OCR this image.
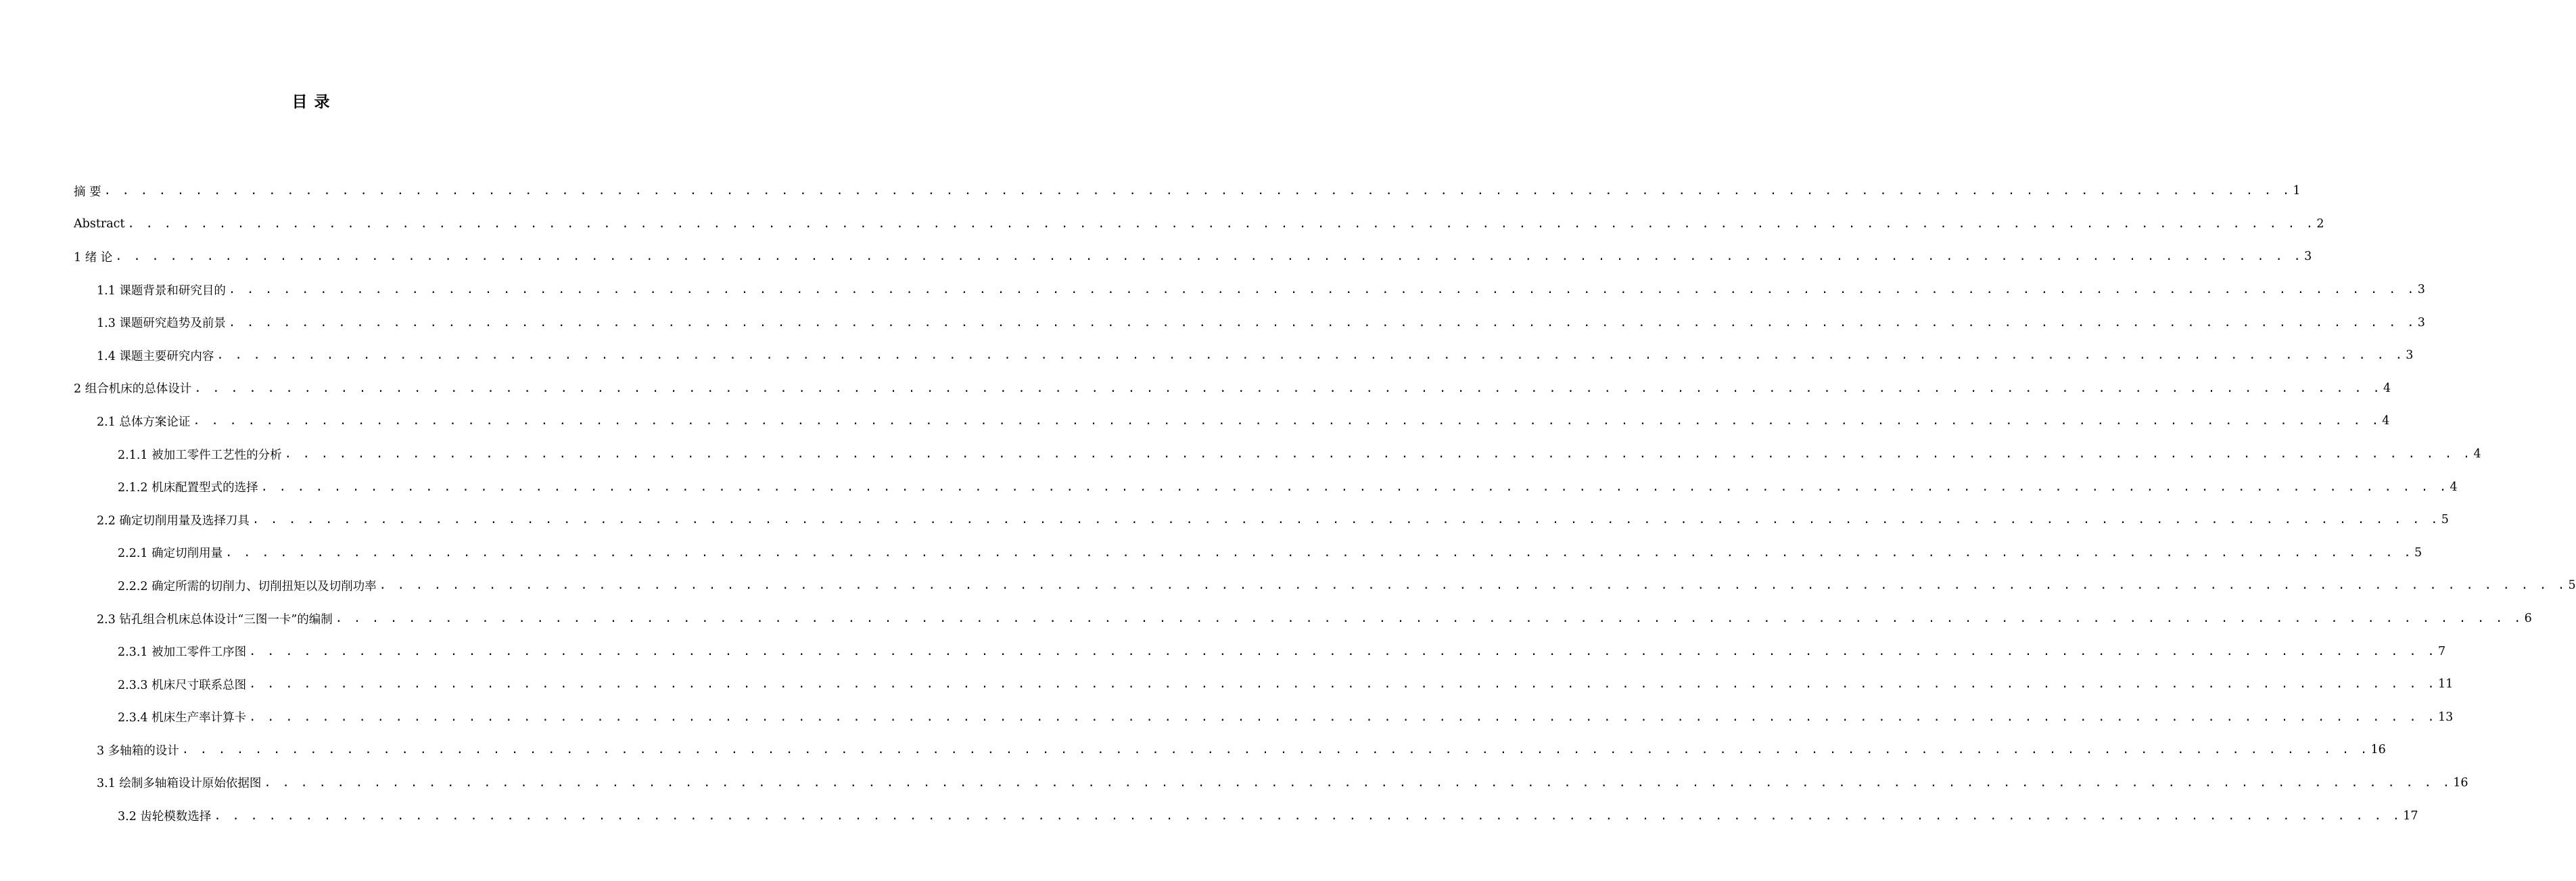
目 录
摘 要 . . . . . . . . . . . . . . . . . . . . . . . . . . . . . . . . . . . . . . . . . . . . . . . . . . . . . . . . . . . . . . . . . . . . . . . . . . . . . . . . . . . . . . . . . . . . . . . . . . . . . . . . . . . . . . . . . . . . . . . . 1
Abstract . . . . . . . . . . . . . . . . . . . . . . . . . . . . . . . . . . . . . . . . . . . . . . . . . . . . . . . . . . . . . . . . . . . . . . . . . . . . . . . . . . . . . . . . . . . . . . . . . . . . . . . . . . . . . . . . . . . . . . . . 2
1 绪 论 . . . . . . . . . . . . . . . . . . . . . . . . . . . . . . . . . . . . . . . . . . . . . . . . . . . . . . . . . . . . . . . . . . . . . . . . . . . . . . . . . . . . . . . . . . . . . . . . . . . . . . . . . . . . . . . . . . . . . . . . 3
1.1 课题背景和研究目的 . . . . . . . . . . . . . . . . . . . . . . . . . . . . . . . . . . . . . . . . . . . . . . . . . . . . . . . . . . . . . . . . . . . . . . . . . . . . . . . . . . . . . . . . . . . . . . . . . . . . . . . . . . . . . . . . . . . . . . . . 3
1.3 课题研究趋势及前景 . . . . . . . . . . . . . . . . . . . . . . . . . . . . . . . . . . . . . . . . . . . . . . . . . . . . . . . . . . . . . . . . . . . . . . . . . . . . . . . . . . . . . . . . . . . . . . . . . . . . . . . . . . . . . . . . . . . . . . . . 3
1.4 课题主要研究内容 . . . . . . . . . . . . . . . . . . . . . . . . . . . . . . . . . . . . . . . . . . . . . . . . . . . . . . . . . . . . . . . . . . . . . . . . . . . . . . . . . . . . . . . . . . . . . . . . . . . . . . . . . . . . . . . . . . . . . . . . 3
2 组合机床的总体设计 . . . . . . . . . . . . . . . . . . . . . . . . . . . . . . . . . . . . . . . . . . . . . . . . . . . . . . . . . . . . . . . . . . . . . . . . . . . . . . . . . . . . . . . . . . . . . . . . . . . . . . . . . . . . . . . . . . . . . . . . 4
2.1 总体方案论证 . . . . . . . . . . . . . . . . . . . . . . . . . . . . . . . . . . . . . . . . . . . . . . . . . . . . . . . . . . . . . . . . . . . . . . . . . . . . . . . . . . . . . . . . . . . . . . . . . . . . . . . . . . . . . . . . . . . . . . . . 4
2.1.1 被加工零件工艺性的分析 . . . . . . . . . . . . . . . . . . . . . . . . . . . . . . . . . . . . . . . . . . . . . . . . . . . . . . . . . . . . . . . . . . . . . . . . . . . . . . . . . . . . . . . . . . . . . . . . . . . . . . . . . . . . . . . . . . . . . . . . 4
2.1.2 机床配置型式的选择 . . . . . . . . . . . . . . . . . . . . . . . . . . . . . . . . . . . . . . . . . . . . . . . . . . . . . . . . . . . . . . . . . . . . . . . . . . . . . . . . . . . . . . . . . . . . . . . . . . . . . . . . . . . . . . . . . . . . . . . . 4
2.2 确定切削用量及选择刀具 . . . . . . . . . . . . . . . . . . . . . . . . . . . . . . . . . . . . . . . . . . . . . . . . . . . . . . . . . . . . . . . . . . . . . . . . . . . . . . . . . . . . . . . . . . . . . . . . . . . . . . . . . . . . . . . . . . . . . . . . 5
2.2.1 确定切削用量 . . . . . . . . . . . . . . . . . . . . . . . . . . . . . . . . . . . . . . . . . . . . . . . . . . . . . . . . . . . . . . . . . . . . . . . . . . . . . . . . . . . . . . . . . . . . . . . . . . . . . . . . . . . . . . . . . . . . . . . . 5
2.2.2 确定所需的切削力、切削扭矩以及切削功率 . . . . . . . . . . . . . . . . . . . . . . . . . . . . . . . . . . . . . . . . . . . . . . . . . . . . . . . . . . . . . . . . . . . . . . . . . . . . . . . . . . . . . . . . . . . . . . . . . . . . . . . . . . . . . . . . . . . . . . . . 5
2.3 钻孔组合机床总体设计“三图一卡”的编制 . . . . . . . . . . . . . . . . . . . . . . . . . . . . . . . . . . . . . . . . . . . . . . . . . . . . . . . . . . . . . . . . . . . . . . . . . . . . . . . . . . . . . . . . . . . . . . . . . . . . . . . . . . . . . . . . . . . . . . . . 6
2.3.1 被加工零件工序图 . . . . . . . . . . . . . . . . . . . . . . . . . . . . . . . . . . . . . . . . . . . . . . . . . . . . . . . . . . . . . . . . . . . . . . . . . . . . . . . . . . . . . . . . . . . . . . . . . . . . . . . . . . . . . . . . . . . . . . . . 7
2.3.3 机床尺寸联系总图 . . . . . . . . . . . . . . . . . . . . . . . . . . . . . . . . . . . . . . . . . . . . . . . . . . . . . . . . . . . . . . . . . . . . . . . . . . . . . . . . . . . . . . . . . . . . . . . . . . . . . . . . . . . . . . . . . . . . . . . . 11
2.3.4 机床生产率计算卡 . . . . . . . . . . . . . . . . . . . . . . . . . . . . . . . . . . . . . . . . . . . . . . . . . . . . . . . . . . . . . . . . . . . . . . . . . . . . . . . . . . . . . . . . . . . . . . . . . . . . . . . . . . . . . . . . . . . . . . . . 13
3 多轴箱的设计 . . . . . . . . . . . . . . . . . . . . . . . . . . . . . . . . . . . . . . . . . . . . . . . . . . . . . . . . . . . . . . . . . . . . . . . . . . . . . . . . . . . . . . . . . . . . . . . . . . . . . . . . . . . . . . . . . . . . . . . . 16
3.1 绘制多轴箱设计原始依据图 . . . . . . . . . . . . . . . . . . . . . . . . . . . . . . . . . . . . . . . . . . . . . . . . . . . . . . . . . . . . . . . . . . . . . . . . . . . . . . . . . . . . . . . . . . . . . . . . . . . . . . . . . . . . . . . . . . . . . . . . 16
3.2 齿轮模数选择 . . . . . . . . . . . . . . . . . . . . . . . . . . . . . . . . . . . . . . . . . . . . . . . . . . . . . . . . . . . . . . . . . . . . . . . . . . . . . . . . . . . . . . . . . . . . . . . . . . . . . . . . . . . . . . . . . . . . . . . . 17
